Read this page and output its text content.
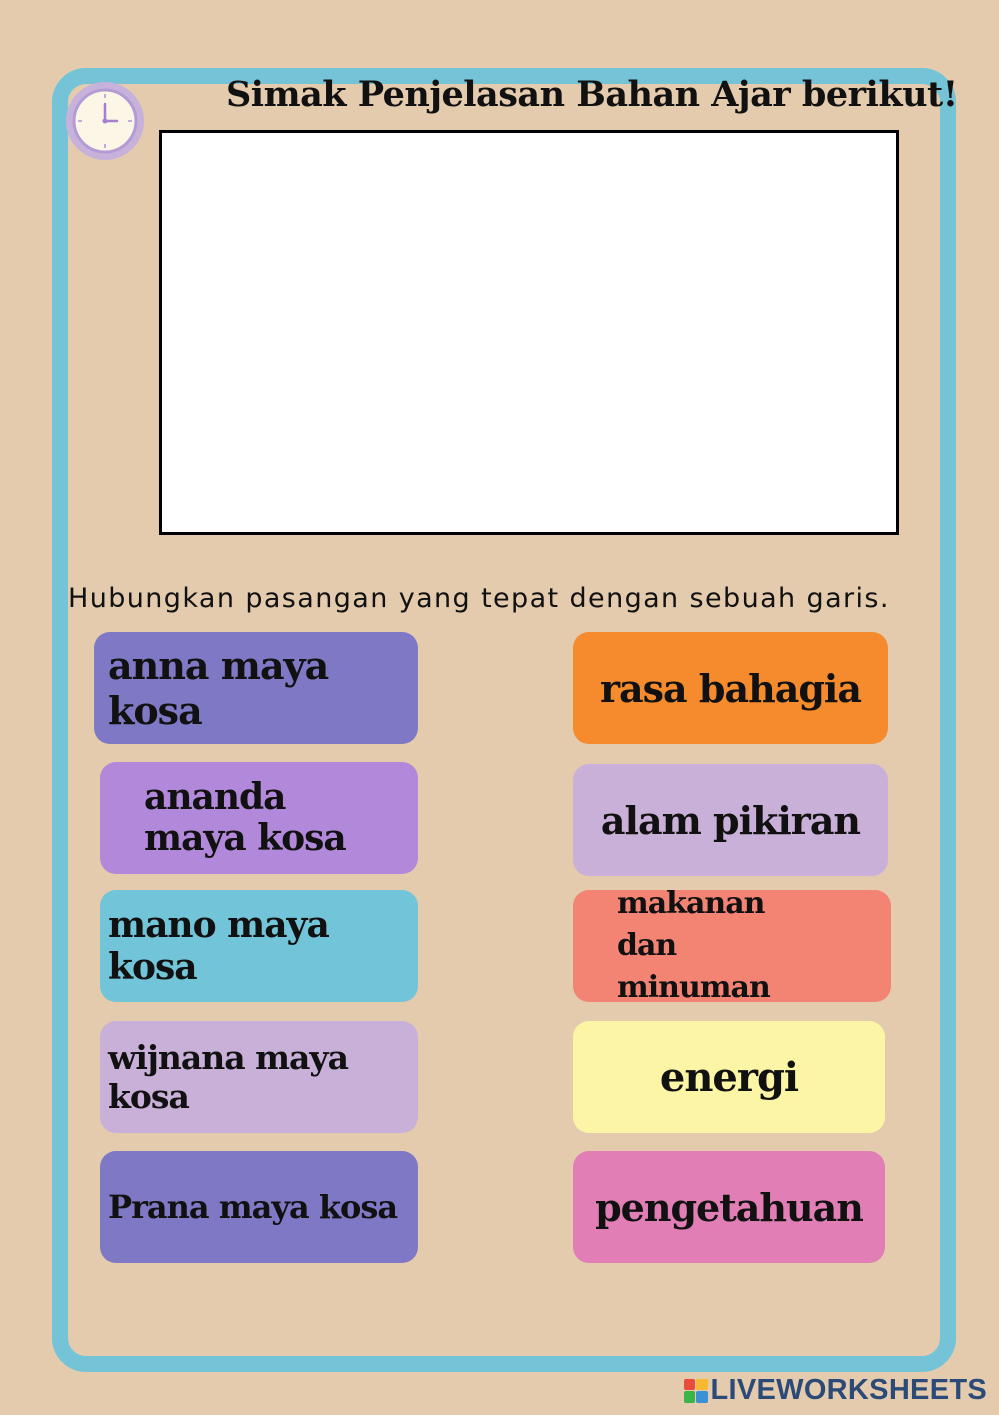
Simak Penjelasan Bahan Ajar berikut!
Hubungkan pasangan yang tepat dengan sebuah garis.
anna maya kosa
ananda maya kosa
mano maya kosa
wijnana maya kosa
Prana maya kosa
rasa bahagia
alam pikiran
makanan dan minuman
energi
pengetahuan
LIVEWORKSHEETS
